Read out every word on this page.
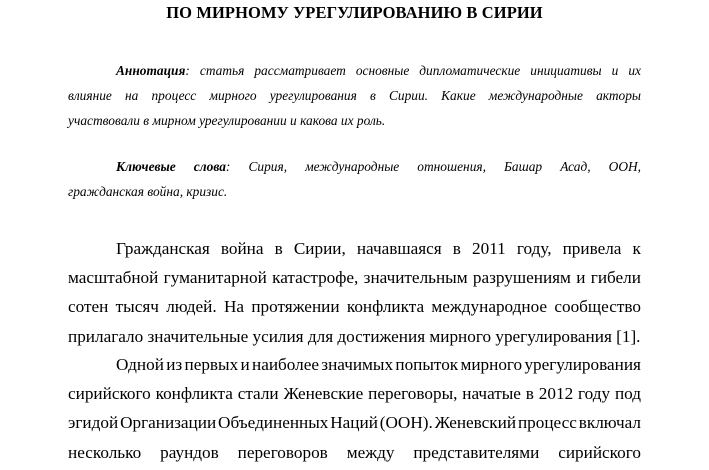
ПО МИРНОМУ УРЕГУЛИРОВАНИЮ В СИРИИ
Аннотация: статья рассматривает основные дипломатические инициативы и их
влияние на процесс мирного урегулирования в Сирии. Какие международные акторы
участвовали в мирном урегулировании и какова их роль.
Ключевые слова: Сирия, международные отношения, Башар Асад, ООН,
гражданская война, кризис.
Гражданская война в Сирии, начавшаяся в 2011 году, привела к
масштабной гуманитарной катастрофе, значительным разрушениям и гибели
сотен тысяч людей. На протяжении конфликта международное сообщество
прилагало значительные усилия для достижения мирного урегулирования [1].
Одной из первых и наиболее значимых попыток мирного урегулирования
сирийского конфликта стали Женевские переговоры, начатые в 2012 году под
эгидой Организации Объединенных Наций (ООН). Женевский процесс включал
несколько раундов переговоров между представителями сирийского
